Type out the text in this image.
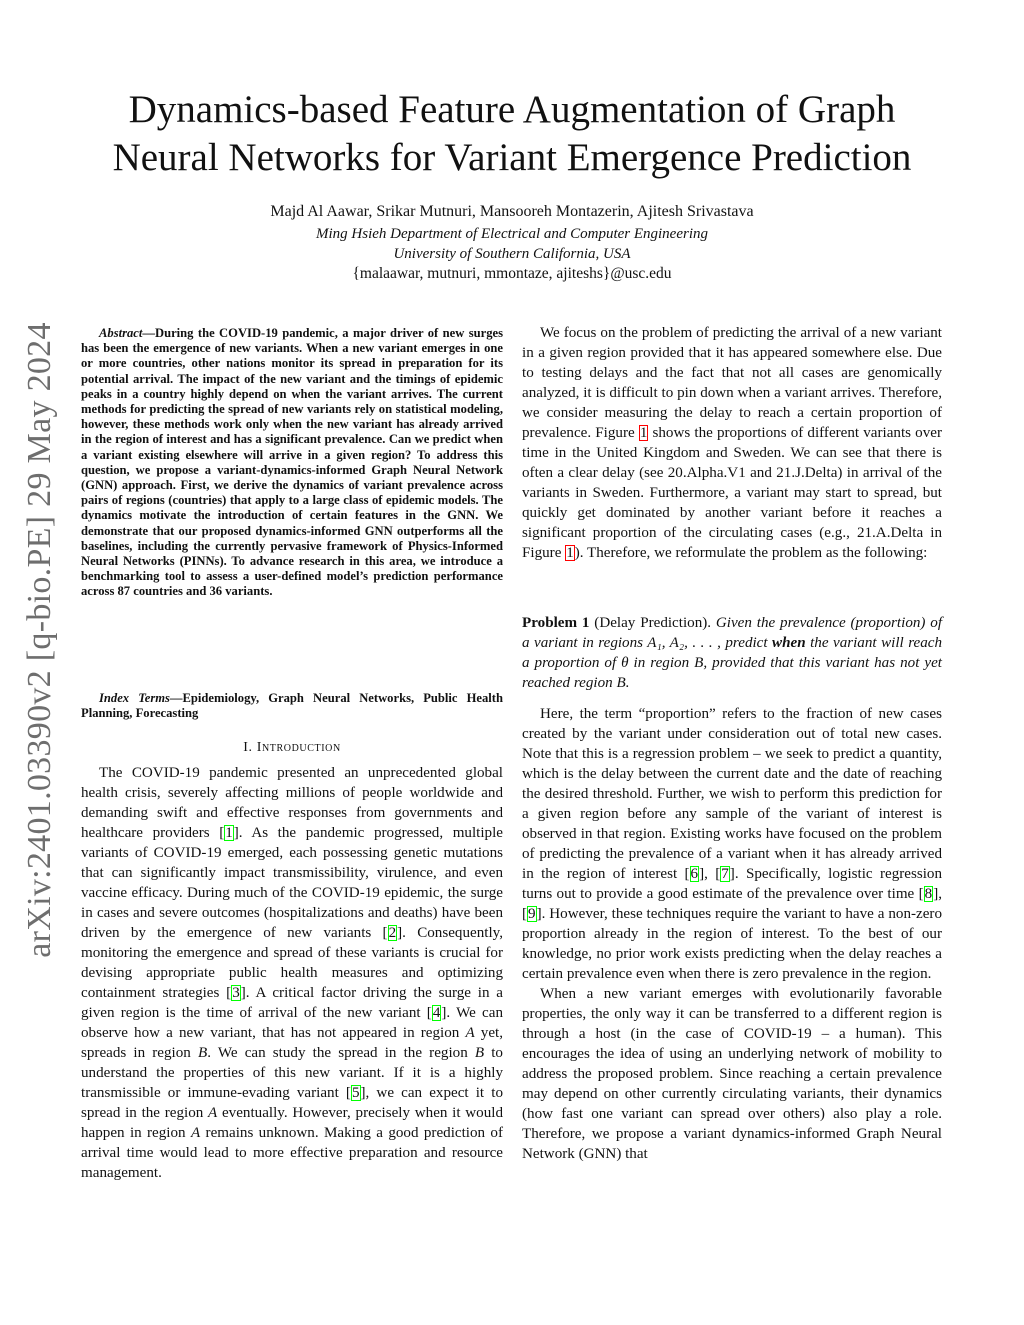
Dynamics-based Feature Augmentation of Graph
Neural Networks for Variant Emergence Prediction
Majd Al Aawar, Srikar Mutnuri, Mansooreh Montazerin, Ajitesh Srivastava
Ming Hsieh Department of Electrical and Computer Engineering
University of Southern California, USA
{malaawar, mutnuri, mmontaze, ajiteshs}@usc.edu
arXiv:2401.03390v2 [q-bio.PE] 29 May 2024	Abstract—During the COVID-19 pandemic, a major driver of new surges has been the emergence of new variants. When a new variant emerges in one or more countries, other nations monitor its spread in preparation for its potential arrival. The impact of the new variant and the timings of epidemic peaks in a country highly depend on when the variant arrives. The current methods for predicting the spread of new variants rely on statistical modeling, however, these methods work only when the new variant has already arrived in the region of interest and has a significant prevalence. Can we predict when a variant existing elsewhere will arrive in a given region? To address this question, we propose a variant-dynamics-informed Graph Neural Network (GNN) approach. First, we derive the dynamics of variant prevalence across pairs of regions (countries) that apply to a large class of epidemic models. The dynamics motivate the introduction of certain features in the GNN. We demonstrate that our proposed dynamics-informed GNN outperforms all the baselines, including the currently pervasive framework of Physics-Informed Neural Networks (PINNs). To advance research in this area, we introduce a benchmarking tool to assess a user-defined model’s prediction performance across 87 countries and 36 variants.

Index Terms—Epidemiology, Graph Neural Networks, Public Health Planning, Forecasting

I. Introduction

The COVID-19 pandemic presented an unprecedented global health crisis, severely affecting millions of people worldwide and demanding swift and effective responses from governments and healthcare providers [1]. As the pandemic progressed, multiple variants of COVID-19 emerged, each possessing genetic mutations that can significantly impact transmissibility, virulence, and even vaccine efficacy. During much of the COVID-19 epidemic, the surge in cases and severe outcomes (hospitalizations and deaths) have been driven by the emergence of new variants [2]. Consequently, monitoring the emergence and spread of these variants is crucial for devising appropriate public health measures and optimizing containment strategies [3]. A critical factor driving the surge in a given region is the time of arrival of the new variant [4]. We can observe how a new variant, that has not appeared in region A yet, spreads in region B. We can study the spread in the region B to understand the properties of this new variant. If it is a highly transmissible or immune-evading variant [5], we can expect it to spread in the region A eventually. However, precisely when it would happen in region A remains unknown. Making a good prediction of arrival time would lead to more effective preparation and resource management.

We focus on the problem of predicting the arrival of a new variant in a given region provided that it has appeared somewhere else. Due to testing delays and the fact that not all cases are genomically analyzed, it is difficult to pin down when a variant arrives. Therefore, we consider measuring the delay to reach a certain proportion of prevalence. Figure 1 shows the proportions of different variants over time in the United Kingdom and Sweden. We can see that there is often a clear delay (see 20.Alpha.V1 and 21.J.Delta) in arrival of the variants in Sweden. Furthermore, a variant may start to spread, but quickly get dominated by another variant before it reaches a significant proportion of the circulating cases (e.g., 21.A.Delta in Figure 1). Therefore, we reformulate the problem as the following:

Problem 1 (Delay Prediction). Given the prevalence (proportion) of a variant in regions A₁, A₂, . . . , predict when the variant will reach a proportion of θ in region B, provided that this variant has not yet reached region B.

Here, the term “proportion” refers to the fraction of new cases created by the variant under consideration out of total new cases. Note that this is a regression problem – we seek to predict a quantity, which is the delay between the current date and the date of reaching the desired threshold. Further, we wish to perform this prediction for a given region before any sample of the variant of interest is observed in that region. Existing works have focused on the problem of predicting the prevalence of a variant when it has already arrived in the region of interest [6], [7]. Specifically, logistic regression turns out to provide a good estimate of the prevalence over time [8], [9]. However, these techniques require the variant to have a non-zero proportion already in the region of interest. To the best of our knowledge, no prior work exists predicting when the delay reaches a certain prevalence even when there is zero prevalence in the region.

When a new variant emerges with evolutionarily favorable properties, the only way it can be transferred to a different region is through a host (in the case of COVID-19 – a human). This encourages the idea of using an underlying network of mobility to address the proposed problem. Since reaching a certain prevalence may depend on other currently circulating variants, their dynamics (how fast one variant can spread over others) also play a role. Therefore, we propose a variant dynamics-informed Graph Neural Network (GNN) that
